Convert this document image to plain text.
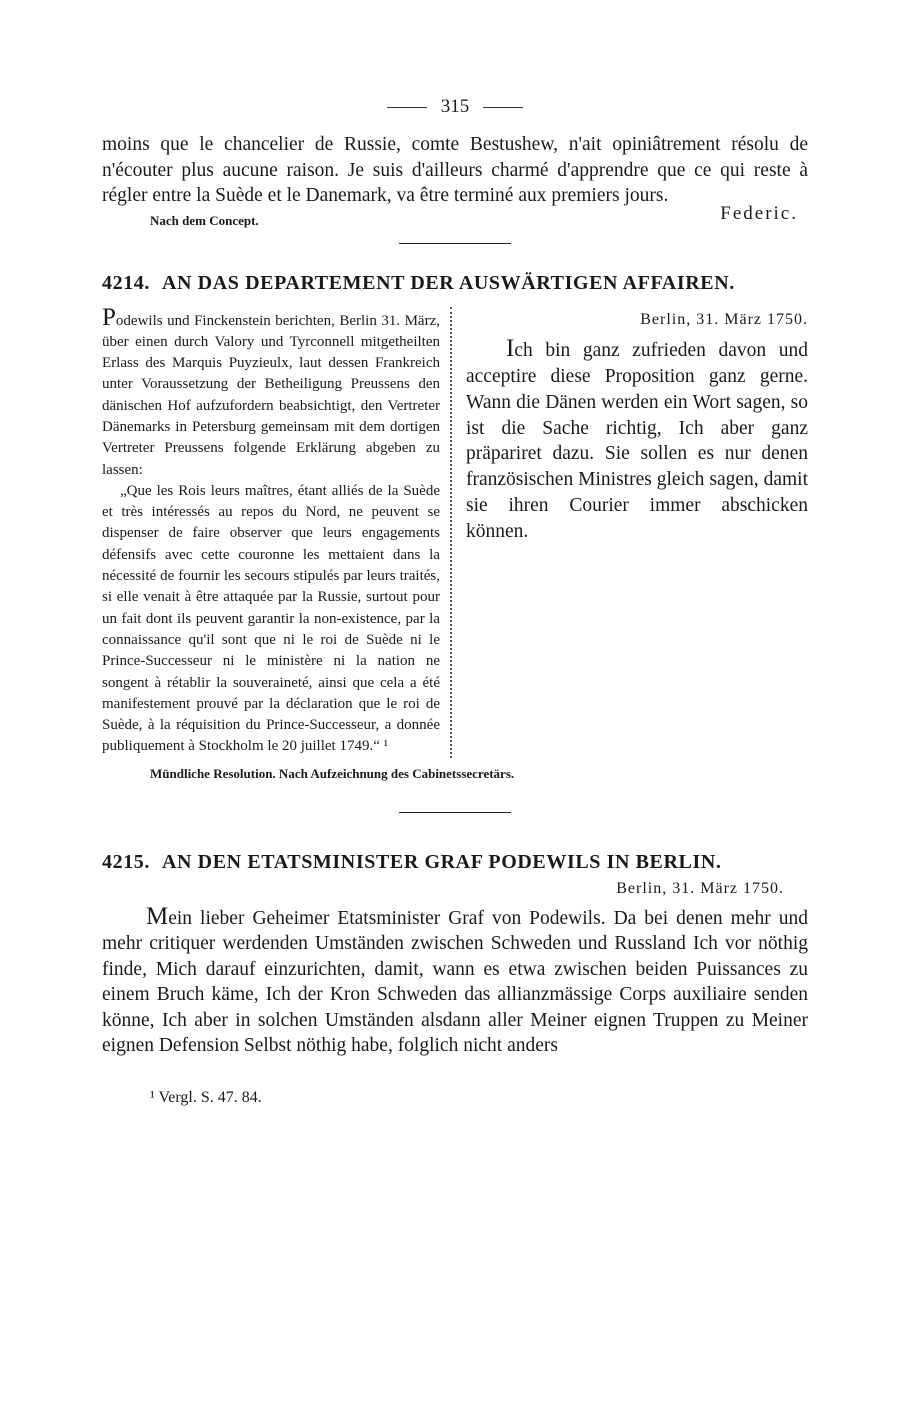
315

moins que le chancelier de Russie, comte Bestushew, n'ait opiniâtrement résolu de n'écouter plus aucune raison. Je suis d'ailleurs charmé d'apprendre que ce qui reste à régler entre la Suède et le Danemark, va être terminé aux premiers jours.

Nach dem Concept.	Federic.
4214. AN DAS DEPARTEMENT DER AUSWÄRTIGEN AFFAIREN.

Podewils und Finckenstein berichten, Berlin 31. März, über einen durch Valory und Tyrconnell mitgetheilten Erlass des Marquis Puyzieulx, laut dessen Frankreich unter Voraussetzung der Betheiligung Preussens den dänischen Hof aufzufordern beabsichtigt, den Vertreter Dänemarks in Petersburg gemeinsam mit dem dortigen Vertreter Preussens folgende Erklärung abgeben zu lassen:

„Que les Rois leurs maîtres, étant alliés de la Suède et très intéressés au repos du Nord, ne peuvent se dispenser de faire observer que leurs engagements défensifs avec cette couronne les mettaient dans la nécessité de fournir les secours stipulés par leurs traités, si elle venait à être attaquée par la Russie, surtout pour un fait dont ils peuvent garantir la non-existence, par la connaissance qu'il sont que ni le roi de Suède ni le Prince-Successeur ni le ministère ni la nation ne songent à rétablir la souveraineté, ainsi que cela a été manifestement prouvé par la déclaration que le roi de Suède, à la réquisition du Prince-Successeur, a donnée publiquement à Stockholm le 20 juillet 1749.“ ¹

Berlin, 31. März 1750.

Ich bin ganz zufrieden davon und acceptire diese Proposition ganz gerne. Wann die Dänen werden ein Wort sagen, so ist die Sache richtig, Ich aber ganz präpariret dazu. Sie sollen es nur denen französischen Ministres gleich sagen, damit sie ihren Courier immer abschicken können.

Mündliche Resolution. Nach Aufzeichnung des Cabinetssecretärs.
4215. AN DEN ETATSMINISTER GRAF PODEWILS IN BERLIN.
Berlin, 31. März 1750.

Mein lieber Geheimer Etatsminister Graf von Podewils. Da bei denen mehr und mehr critiquer werdenden Umständen zwischen Schweden und Russland Ich vor nöthig finde, Mich darauf einzurichten, damit, wann es etwa zwischen beiden Puissances zu einem Bruch käme, Ich der Kron Schweden das allianzmässige Corps auxiliaire senden könne, Ich aber in solchen Umständen alsdann aller Meiner eignen Truppen zu Meiner eignen Defension Selbst nöthig habe, folglich nicht anders

¹ Vergl. S. 47. 84.
